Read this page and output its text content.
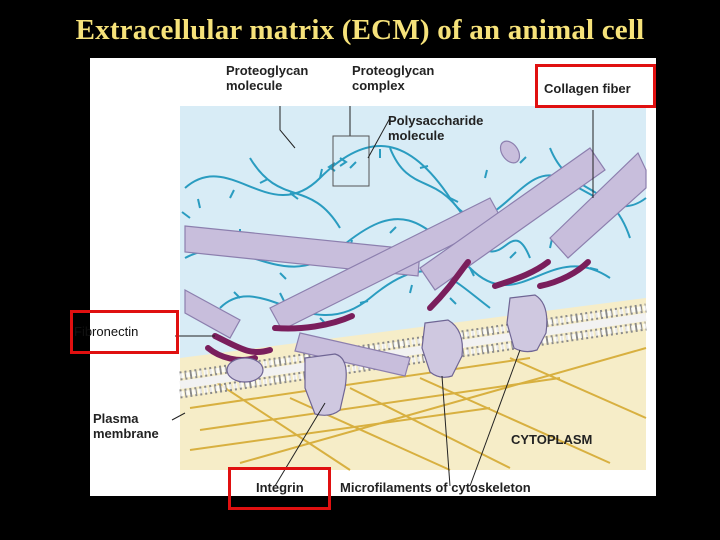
Extracellular matrix (ECM) of an animal cell
Proteoglycan
molecule
Proteoglycan
complex
Polysaccharide
molecule
Collagen fiber
Fibronectin
Plasma
membrane	CYTOPLASM
Integrin	Microfilaments of cytoskeleton
